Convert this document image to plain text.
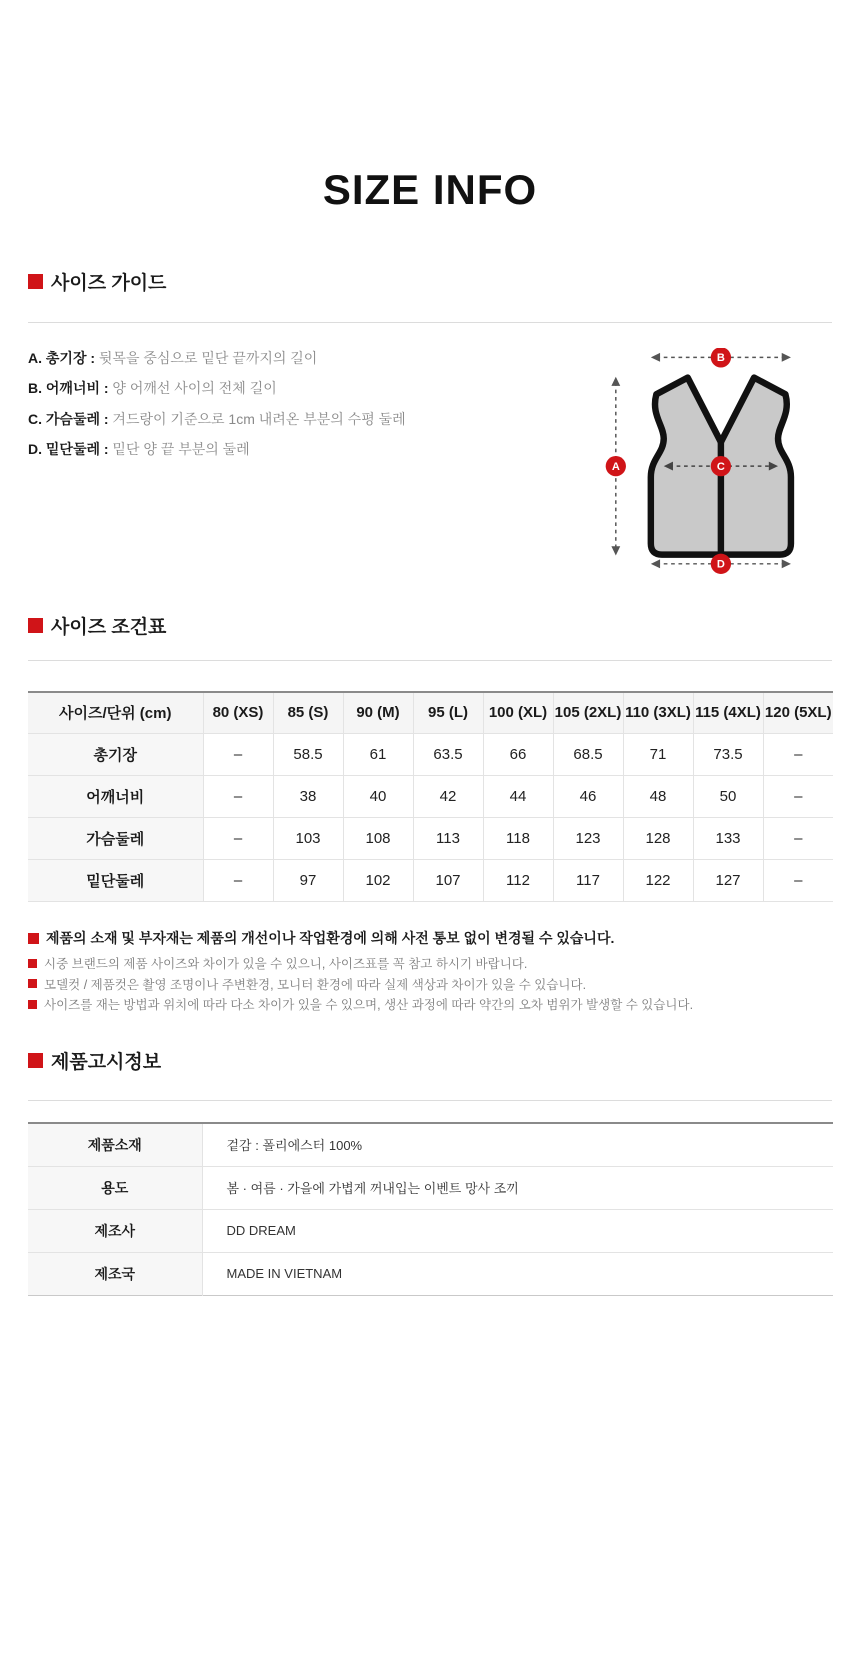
SIZE INFO
사이즈 가이드
A. 총기장 : 뒷목을 중심으로 밑단 끝까지의 길이
B. 어깨너비 : 양 어깨선 사이의 전체 길이
C. 가슴둘레 : 겨드랑이 기준으로 1cm 내려온 부분의 수평 둘레
D. 밑단둘레 : 밑단 양 끝 부분의 둘레
A
B
C
D
사이즈 조건표
사이즈/단위 (cm)	80 (XS)	85 (S)	90 (M)	95 (L)	100 (XL)	105 (2XL)	110 (3XL)	115 (4XL)	120 (5XL)
총기장	–	58.5	61	63.5	66	68.5	71	73.5	–
어깨너비	–	38	40	42	44	46	48	50	–
가슴둘레	–	103	108	113	118	123	128	133	–
밑단둘레	–	97	102	107	112	117	122	127	–
제품의 소재 및 부자재는 제품의 개선이나 작업환경에 의해 사전 통보 없이 변경될 수 있습니다.
시중 브랜드의 제품 사이즈와 차이가 있을 수 있으니, 사이즈표를 꼭 참고 하시기 바랍니다.
모델컷 / 제품컷은 촬영 조명이나 주변환경, 모니터 환경에 따라 실제 색상과 차이가 있을 수 있습니다.
사이즈를 재는 방법과 위치에 따라 다소 차이가 있을 수 있으며, 생산 과정에 따라 약간의 오차 범위가 발생할 수 있습니다.
제품고시정보
제품소재	겉감 : 폴리에스터 100%
용도	봄 · 여름 · 가을에 가볍게 꺼내입는 이벤트 망사 조끼
제조사	DD DREAM
제조국	MADE IN VIETNAM
